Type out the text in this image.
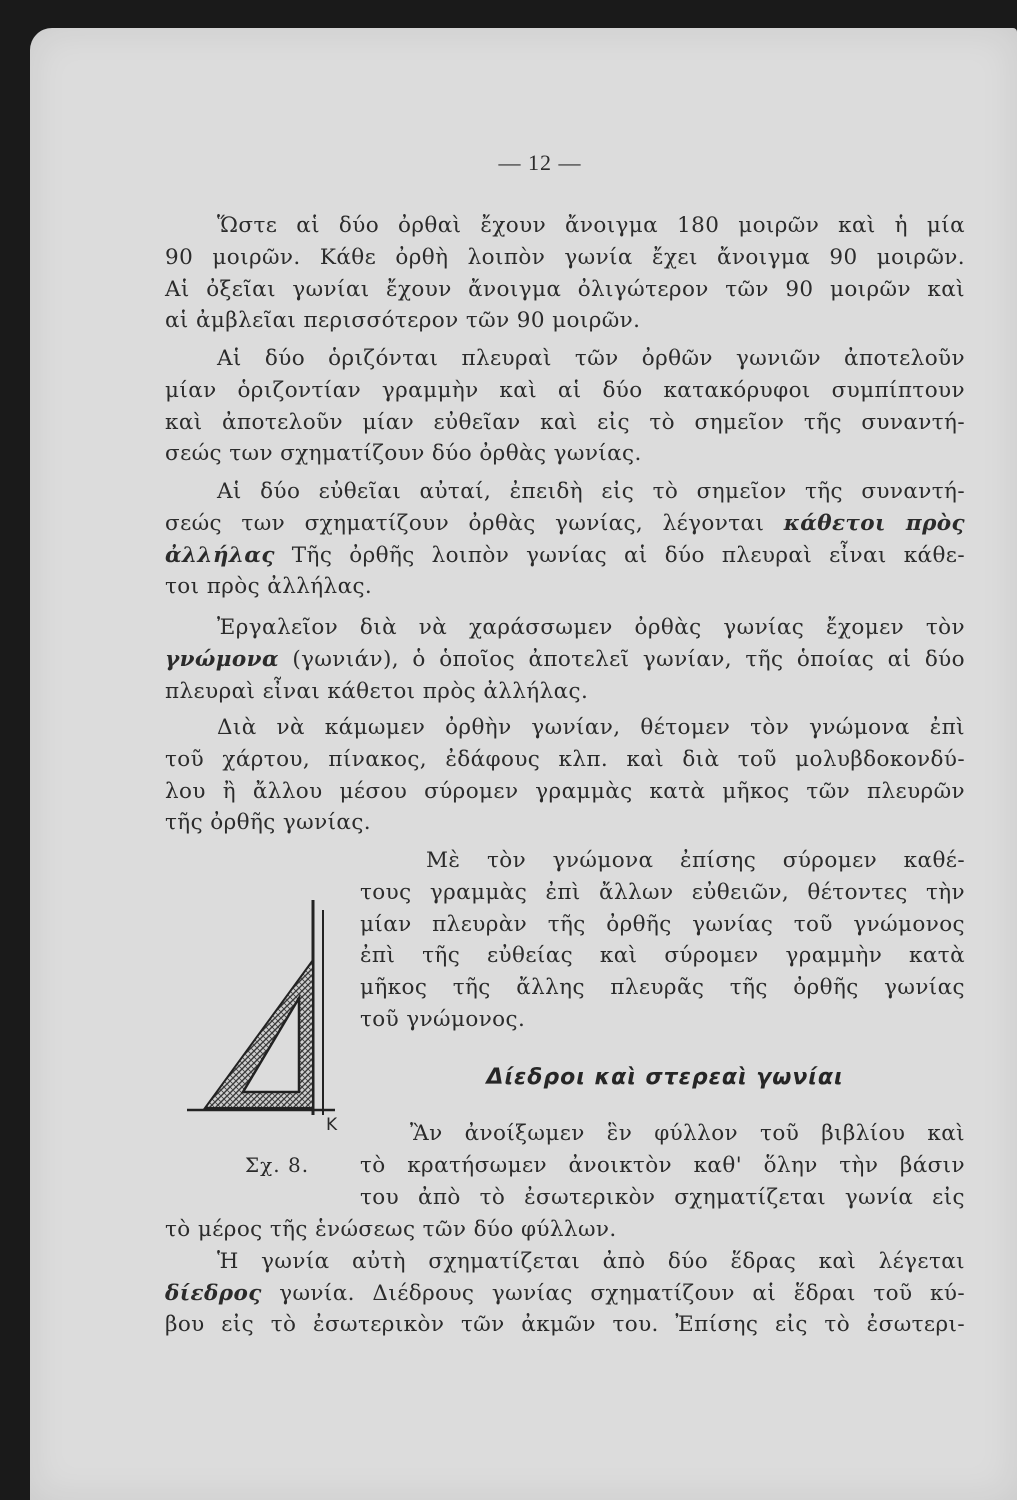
— 12 —
Ὥστε αἱ δύο ὀρθαὶ ἔχουν ἄνοιγμα 180 μοιρῶν καὶ ἡ μία
90 μοιρῶν. Κάθε ὀρθὴ λοιπὸν γωνία ἔχει ἄνοιγμα 90 μοιρῶν.
Αἱ ὀξεῖαι γωνίαι ἔχουν ἄνοιγμα ὀλιγώτερον τῶν 90 μοιρῶν καὶ
αἱ ἀμβλεῖαι περισσότερον τῶν 90 μοιρῶν.
Αἱ δύο ὁριζόνται πλευραὶ τῶν ὀρθῶν γωνιῶν ἀποτελοῦν
μίαν ὁριζοντίαν γραμμὴν καὶ αἱ δύο κατακόρυφοι συμπίπτουν
καὶ ἀποτελοῦν μίαν εὐθεῖαν καὶ εἰς τὸ σημεῖον τῆς συναντή-
σεώς των σχηματίζουν δύο ὀρθὰς γωνίας.
Αἱ δύο εὐθεῖαι αὐταί, ἐπειδὴ εἰς τὸ σημεῖον τῆς συναντή-
σεώς των σχηματίζουν ὀρθὰς γωνίας, λέγονται κάθετοι πρὸς
ἀλλήλας Τῆς ὀρθῆς λοιπὸν γωνίας αἱ δύο πλευραὶ εἶναι κάθε-
τοι πρὸς ἀλλήλας.
Ἐργαλεῖον διὰ νὰ χαράσσωμεν ὀρθὰς γωνίας ἔχομεν τὸν
γνώμονα (γωνιάν), ὁ ὁποῖος ἀποτελεῖ γωνίαν, τῆς ὁποίας αἱ δύο
πλευραὶ εἶναι κάθετοι πρὸς ἀλλήλας.
Διὰ νὰ κάμωμεν ὀρθὴν γωνίαν, θέτομεν τὸν γνώμονα ἐπὶ
τοῦ χάρτου, πίνακος, ἐδάφους κλπ. καὶ διὰ τοῦ μολυβδοκονδύ-
λου ἢ ἄλλου μέσου σύρομεν γραμμὰς κατὰ μῆκος τῶν πλευρῶν
τῆς ὀρθῆς γωνίας.
Μὲ τὸν γνώμονα ἐπίσης σύρομεν καθέ-
τους γραμμὰς ἐπὶ ἄλλων εὐθειῶν, θέτοντες τὴν
μίαν πλευρὰν τῆς ὀρθῆς γωνίας τοῦ γνώμονος
ἐπὶ τῆς εὐθείας καὶ σύρομεν γραμμὴν κατὰ
μῆκος τῆς ἄλλης πλευρᾶς τῆς ὀρθῆς γωνίας
τοῦ γνώμονος.
Κ
Δίεδροι καὶ στερεαὶ γωνίαι
Ἂν ἀνοίξωμεν ἓν φύλλον τοῦ βιβλίου καὶ
τὸ κρατήσωμεν ἀνοικτὸν καθ' ὅλην τὴν βάσιν
του ἀπὸ τὸ ἐσωτερικὸν σχηματίζεται γωνία εἰς
Σχ. 8.
τὸ μέρος τῆς ἑνώσεως τῶν δύο φύλλων.
Ἡ γωνία αὐτὴ σχηματίζεται ἀπὸ δύο ἕδρας καὶ λέγεται
δίεδρος γωνία. Διέδρους γωνίας σχηματίζουν αἱ ἕδραι τοῦ κύ-
βου εἰς τὸ ἐσωτερικὸν τῶν ἀκμῶν του. Ἐπίσης εἰς τὸ ἐσωτερι-
